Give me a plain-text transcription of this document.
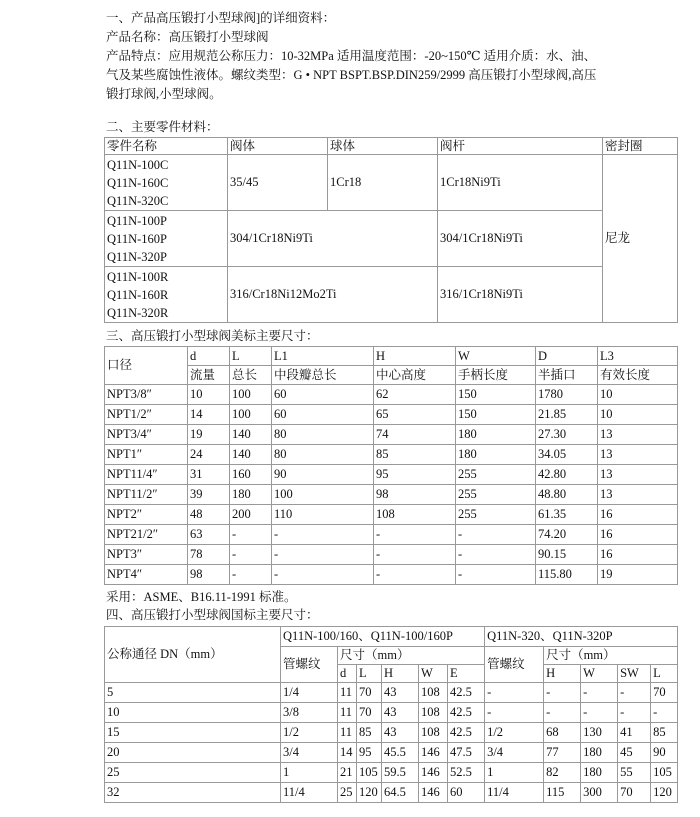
一、产品高压锻打小型球阀]的详细资料：
产品名称：高压锻打小型球阀
产品特点：应用规范公称压力：10-32MPa 适用温度范围：-20~150℃ 适用介质：水、油、
气及某些腐蚀性液体。螺纹类型：G • NPT BSPT.BSP.DIN259/2999 高压锻打小型球阀,高压
锻打球阀,小型球阀。
二、主要零件材料：
零件名称	阀体	球体	阀杆	密封圈

Q11N-100C
Q11N-160C
Q11N-320C	35/45	1Cr18	1Cr18Ni9Ti	尼龙

Q11N-100P
Q11N-160P
Q11N-320P	304/1Cr18Ni9Ti		304/1Cr18Ni9Ti	

Q11N-100R
Q11N-160R
Q11N-320R	316/Cr18Ni12Mo2Ti		316/1Cr18Ni9Ti	
三、高压锻打小型球阀美标主要尺寸：
口径	d	L	L1	H	W	D	L3
	流量	总长	中段瓣总长	中心高度	手柄长度	半插口	有效长度
NPT3/8″	10	100	60	62	150	1780	10
NPT1/2″	14	100	60	65	150	21.85	10
NPT3/4″	19	140	80	74	180	27.30	13
NPT1″	24	140	80	85	180	34.05	13
NPT11/4″	31	160	90	95	255	42.80	13
NPT11/2″	39	180	100	98	255	48.80	13
NPT2″	48	200	110	108	255	61.35	16
NPT21/2″	63	-	-	-	-	74.20	16
NPT3″	78	-	-	-	-	90.15	16
NPT4″	98	-	-	-	-	115.80	19
采用：ASME、B16.11-1991 标准。
四、高压锻打小型球阀国标主要尺寸：
公称通径 DN（mm）	Q11N-100/160、Q11N-100/160P						Q11N-320、Q11N-320P				
	管螺纹	尺寸（mm）					管螺纹	尺寸（mm）			
		d	L	H	W	E		H	W	SW	L
5	1/4	11	70	43	108	42.5	-	-	-	-	70
10	3/8	11	70	43	108	42.5	-	-	-	-	-
15	1/2	11	85	43	108	42.5	1/2	68	130	41	85
20	3/4	14	95	45.5	146	47.5	3/4	77	180	45	90
25	1	21	105	59.5	146	52.5	1	82	180	55	105
32	11/4	25	120	64.5	146	60	11/4	115	300	70	120
